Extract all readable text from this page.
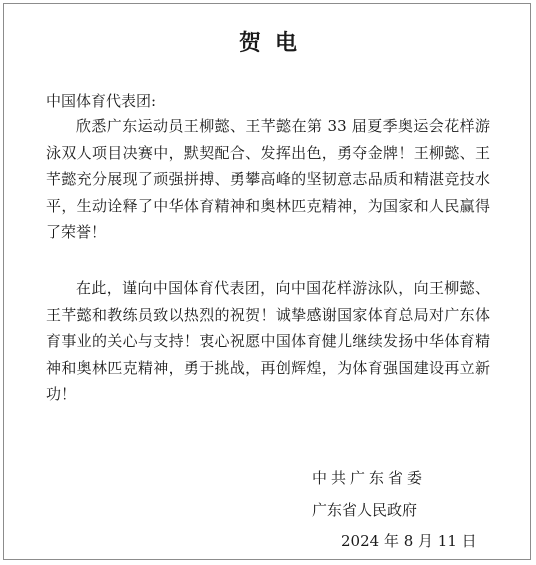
贺电
中国体育代表团:

欣悉广东运动员王柳懿、王芊懿在第 33 届夏季奥运会花样游泳双人项目决赛中，默契配合、发挥出色，勇夺金牌！王柳懿、王芊懿充分展现了顽强拼搏、勇攀高峰的坚韧意志品质和精湛竞技水平，生动诠释了中华体育精神和奥林匹克精神，为国家和人民赢得了荣誉！

在此，谨向中国体育代表团，向中国花样游泳队，向王柳懿、王芊懿和教练员致以热烈的祝贺！诚挚感谢国家体育总局对广东体育事业的关心与支持！衷心祝愿中国体育健儿继续发扬中华体育精神和奥林匹克精神，勇于挑战，再创辉煌，为体育强国建设再立新功！

中共广东省委
广东省人民政府
2024 年 8 月 11 日
